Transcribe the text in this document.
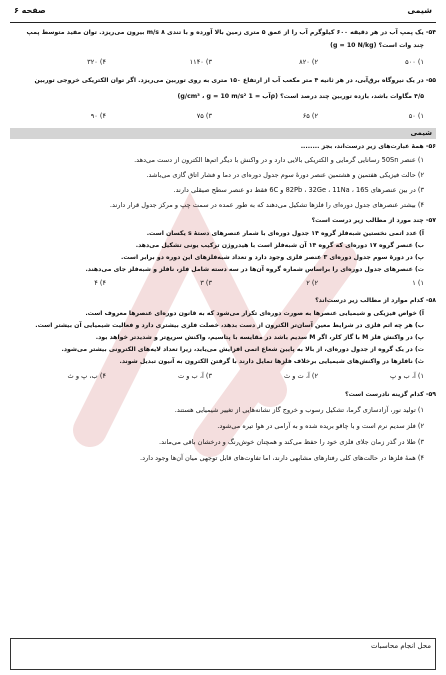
شیمی
صفحه ۶
۵۴- یک پمپ آب در هر دقیقه ۶۰۰ کیلوگرم آب را از عمق ۵ متری زمین بالا آورده و با تندی ۸ m/s بیرون می‌ریزد. توان مفید متوسط پمپ
چند وات است؟ (g = 10 N/kg)
۱) ۵۰۰
۲) ۸۲۰
۳) ۱۱۴۰
۴) ۳۲۰
۵۵- در یک نیروگاه برق‌آبی، در هر ثانیه ۴ متر مکعب آب از ارتفاع ۱۵۰ متری به روی توربین می‌ریزد. اگر توان الکتریکی خروجی توربین
۴/۵ مگاوات باشد، بازده توربین چند درصد است؟ (ρآب = 1 g/cm³ ، g = 10 m/s²)
۱) ۵۰
۲) ۶۵
۳) ۷۵
۴) ۹۰
شیمی
۵۶- همهٔ عبارت‌های زیر درست‌اند، بجز ........
۱) عنصر 50Sn رسانایی گرمایی و الکتریکی بالایی دارد و در واکنش با دیگر اتم‌ها الکترون از دست می‌دهد.
۲) حالت فیزیکی هفتمین و هشتمین عنصر دورهٔ سوم جدول دوره‌ای در دما و فشار اتاق گازی می‌باشد.
۳) در بین عنصرهای 82Pb ، 32Ge ، 11Na ، 16S و 6C فقط دو عنصر سطح صیقلی دارند.
۴) بیشتر عنصرهای جدول دوره‌ای را فلزها تشکیل می‌دهند که به طور عمده در سمت چپ و مرکز جدول قرار دارند.
۵۷- چند مورد از مطالب زیر درست است؟
آ) عدد اتمی نخستین شبه‌فلز گروه ۱۴ جدول دوره‌ای با شمار عنصرهای دستهٔ s یکسان است.
ب) عنصر گروه ۱۷ دوره‌ای که گروه ۱۴ آن شبه‌فلز است با هیدروژن ترکیب یونی تشکیل می‌دهد.
پ) در دورهٔ سوم جدول دوره‌ای ۳ عنصر فلزی وجود دارد و تعداد شبه‌فلزهای این دوره دو برابر است.
ت) عنصرهای جدول دوره‌ای را براساس شماره گروه آن‌ها در سه دسته شامل فلز، نافلز و شبه‌فلز جای می‌دهند.
۱) ۱
۲) ۲
۳) ۳
۴) ۴
۵۸- کدام موارد از مطالب زیر درست‌اند؟
آ) خواص فیزیکی و شیمیایی عنصرها به صورت دوره‌ای تکرار می‌شود که به قانون دوره‌ای عنصرها معروف است.
ب) هر چه اتم فلزی در شرایط معین آسان‌تر الکترون از دست بدهد، خصلت فلزی بیشتری دارد و فعالیت شیمیایی آن بیشتر است.
پ) در واکنش فلز M با گاز کلر، اگر M سدیم باشد در مقایسه با پتاسیم، واکنش سریع‌تر و شدیدتر خواهد بود.
ت) در یک گروه از جدول دوره‌ای، از بالا به پایین شعاع اتمی افزایش می‌یابد، زیرا تعداد لایه‌های الکترونی بیشتر می‌شود.
ث) نافلزها در واکنش‌های شیمیایی برخلاف فلزها تمایل دارند با گرفتن الکترون به آنیون تبدیل شوند.
۱) آ، ب و پ
۲) آ، ت و ث
۳) آ، ب و ت
۴) ب، پ و ث
۵۹- کدام گزینه نادرست است؟
۱) تولید نور، آزادسازی گرما، تشکیل رسوب و خروج گاز نشانه‌هایی از تغییر شیمیایی هستند.
۲) فلز سدیم نرم است و با چاقو بریده شده و به آرامی در هوا تیره می‌شود.
۳) طلا در گذر زمان جلای فلزی خود را حفظ می‌کند و همچنان خوش‌رنگ و درخشان باقی می‌ماند.
۴) همهٔ فلزها در حالت‌های کلی رفتارهای مشابهی دارند، اما تفاوت‌های قابل توجهی میان آن‌ها وجود دارد.
محل انجام محاسبات
